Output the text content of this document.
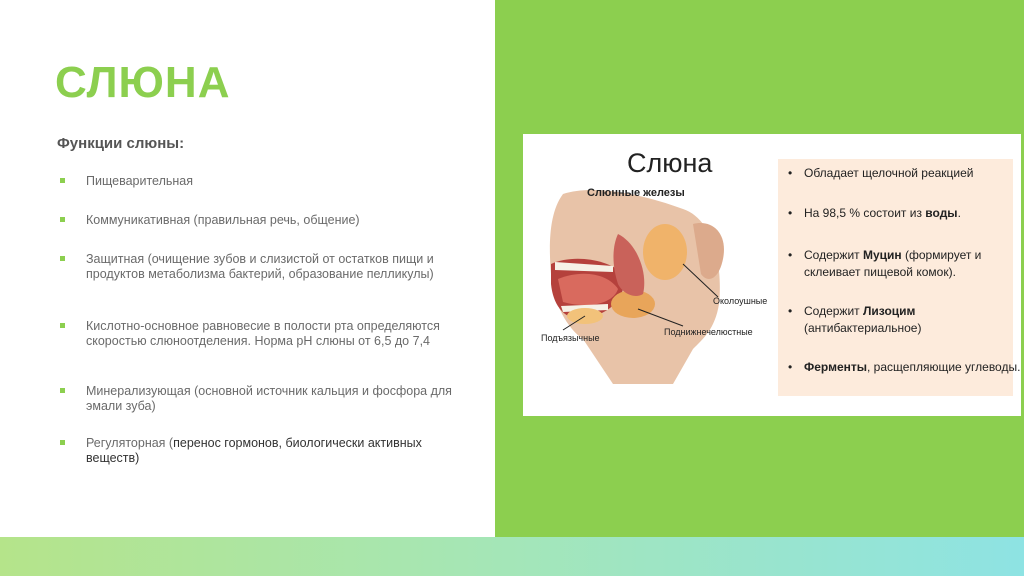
СЛЮНА
Функции слюны:
Пищеварительная
Коммуникативная (правильная речь, общение)
Защитная (очищение зубов и слизистой от остатков пищи и продуктов метаболизма бактерий, образование пелликулы)
Кислотно-основное равновесие в полости рта определяются скоростью слюноотделения. Норма pH слюны от 6,5 до 7,4
Минерализующая (основной источник кальция и фосфора для эмали зуба)
Регуляторная (перенос гормонов, биологически активных веществ)
Слюна
Слюнные железы
Околоушные
Подъязычные
Поднижнечелюстные
• Обладает щелочной реакцией
• На 98,5 % состоит из воды.
• Содержит Муцин (формирует и склеивает пищевой комок).
• Содержит Лизоцим (антибактериальное)
• Ферменты, расщепляющие углеводы.
